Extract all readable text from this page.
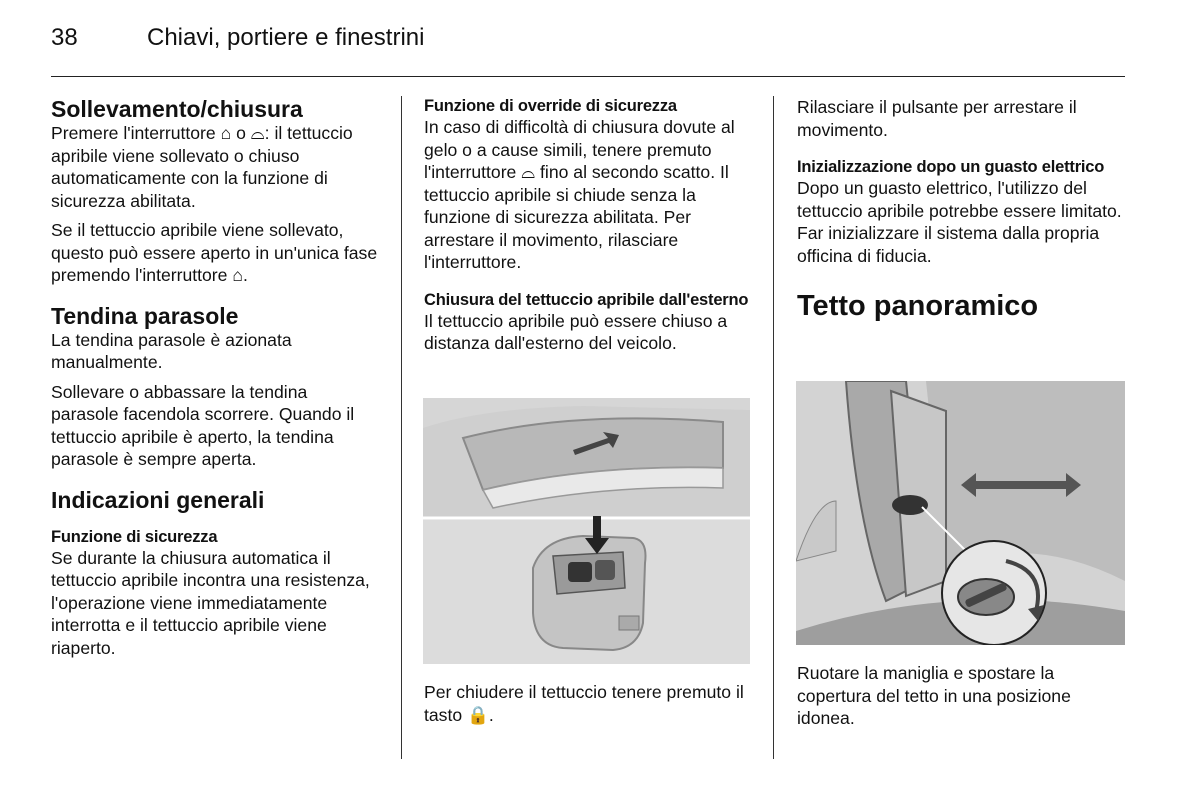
38	Chiavi, portiere e finestrini
Sollevamento/chiusura

Premere l'interruttore ⌂ o ⌓: il tettuccio apribile viene sollevato o chiuso automaticamente con la funzione di sicurezza abilitata.

Se il tettuccio apribile viene sollevato, questo può essere aperto in un'unica fase premendo l'interruttore ⌂.

Tendina parasole

La tendina parasole è azionata manualmente.

Sollevare o abbassare la tendina parasole facendola scorrere. Quando il tettuccio apribile è aperto, la tendina parasole è sempre aperta.

Indicazioni generali
Funzione di sicurezza

Se durante la chiusura automatica il tettuccio apribile incontra una resistenza, l'operazione viene immediatamente interrotta e il tettuccio apribile viene riaperto.

Funzione di override di sicurezza

In caso di difficoltà di chiusura dovute al gelo o a cause simili, tenere premuto l'interruttore ⌓ fino al secondo scatto. Il tettuccio apribile si chiude senza la funzione di sicurezza abilitata. Per arrestare il movimento, rilasciare l'interruttore.

Chiusura del tettuccio apribile dall'esterno

Il tettuccio apribile può essere chiuso a distanza dall'esterno del veicolo.

Per chiudere il tettuccio tenere premuto il tasto 🔒.

Rilasciare il pulsante per arrestare il movimento.

Inizializzazione dopo un guasto elettrico

Dopo un guasto elettrico, l'utilizzo del tettuccio apribile potrebbe essere limitato. Far inizializzare il sistema dalla propria officina di fiducia.

Tetto panoramico

Ruotare la maniglia e spostare la copertura del tetto in una posizione idonea.
